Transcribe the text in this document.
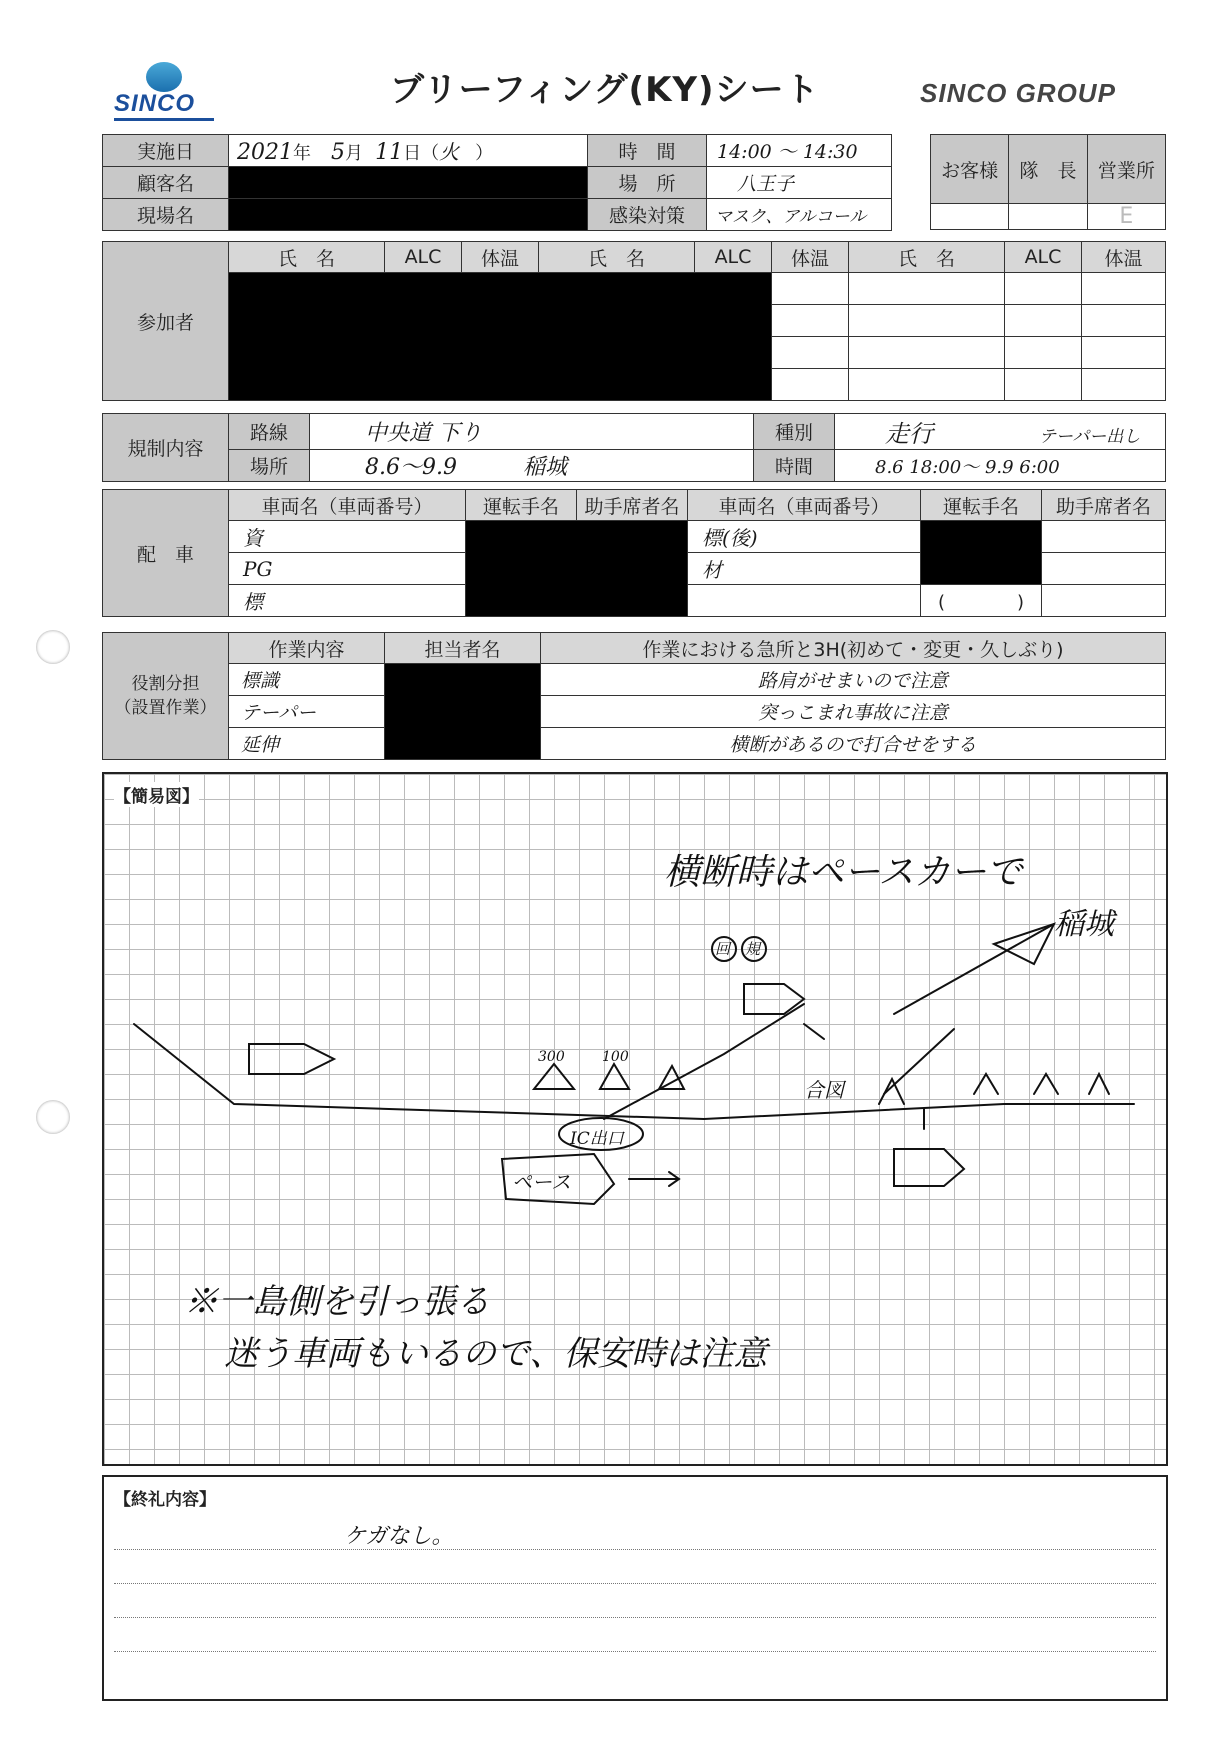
SINCO	ブリーフィング(KY)シート	SINCO GROUP
実施日	2021年 5月 11日（火 ）	時　間	14:00 ～ 14:30
顧客名		場　所	八王子
現場名		感染対策	マスク、アルコール
お客様	隊　長	営業所
		E
参加者	氏　名	ALC	体温	氏　名	ALC	体温	氏　名	ALC	体温

規制内容	路線	中央道 下り	種別	走行 テーパー出し
	場所	8.6～9.9 稲城	時間	8.6 18:00～ 9.9 6:00
配　車	車両名（車両番号）	運転手名	助手席者名	車両名（車両番号）	運転手名	助手席者名
	資			標(後)		
	PG			材		
	標				(　　　　)	
役割分担
（設置作業）	作業内容	担当者名	作業における急所と3H(初めて・変更・久しぶり)
	標識		路肩がせまいので注意
	テーパー		突っこまれ事故に注意
	延伸		横断があるので打合せをする
【簡易図】
横断時はペースカーで
稲城
ペース
IC出口
合図
300	100
回 規
※一島側を引っ張る
迷う車両もいるので、保安時は注意
【終礼内容】
ケガなし。
